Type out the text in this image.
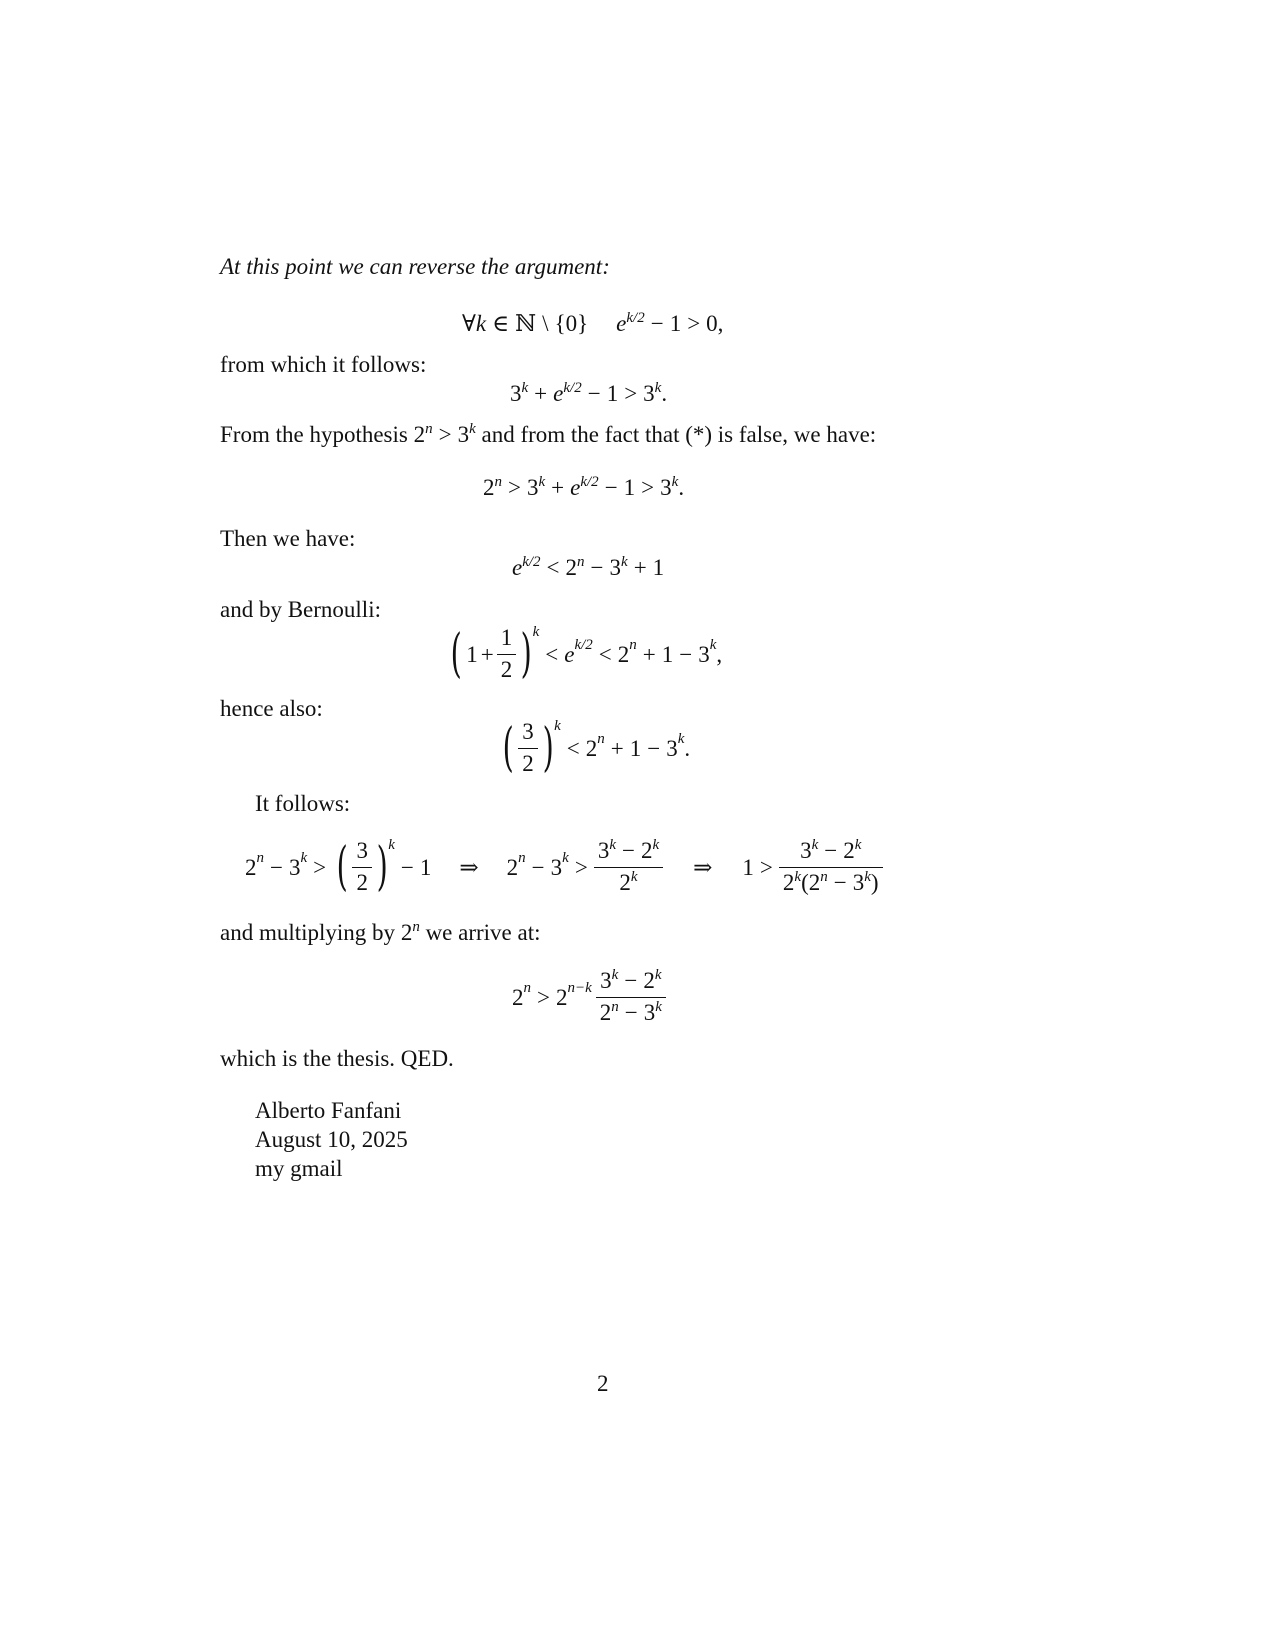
At this point we can reverse the argument:
∀k ∈ ℕ \ {0} $e^{k/2} - 1 > 0$,
from which it follows:
$3^k + e^{k/2} - 1 > 3^k$.
From the hypothesis $2^n > 3^k$ and from the fact that (*) is false, we have:
$2^n > 3^k + e^{k/2} - 1 > 3^k$.
Then we have:
$e^{k/2} < 2^n - 3^k + 1$
and by Bernoulli:
( $1 + \frac{1}{2}$ ) k
< $e^{k/2} < 2^n + 1 - 3^k$ ,
hence also:
( $\frac{3}{2}$ ) k
< $2^n + 1 - 3^k$ .
It follows:
$2^n - 3^k$ > ( $\frac{3}{2}$ ) k
− 1	⇒	$2^n - 3^k > \frac{3^k - 2^k}{2^k}$	⇒	$1 > \frac{3^k - 2^k}{2^k(2^n - 3^k)}$
and multiplying by 2$^n$ we arrive at:
$2^n > 2^{n-k} \frac{3^k - 2^k}{2^n - 3^k}$
which is the thesis. QED.
Alberto Fanfani
August 10, 2025
my gmail
2
